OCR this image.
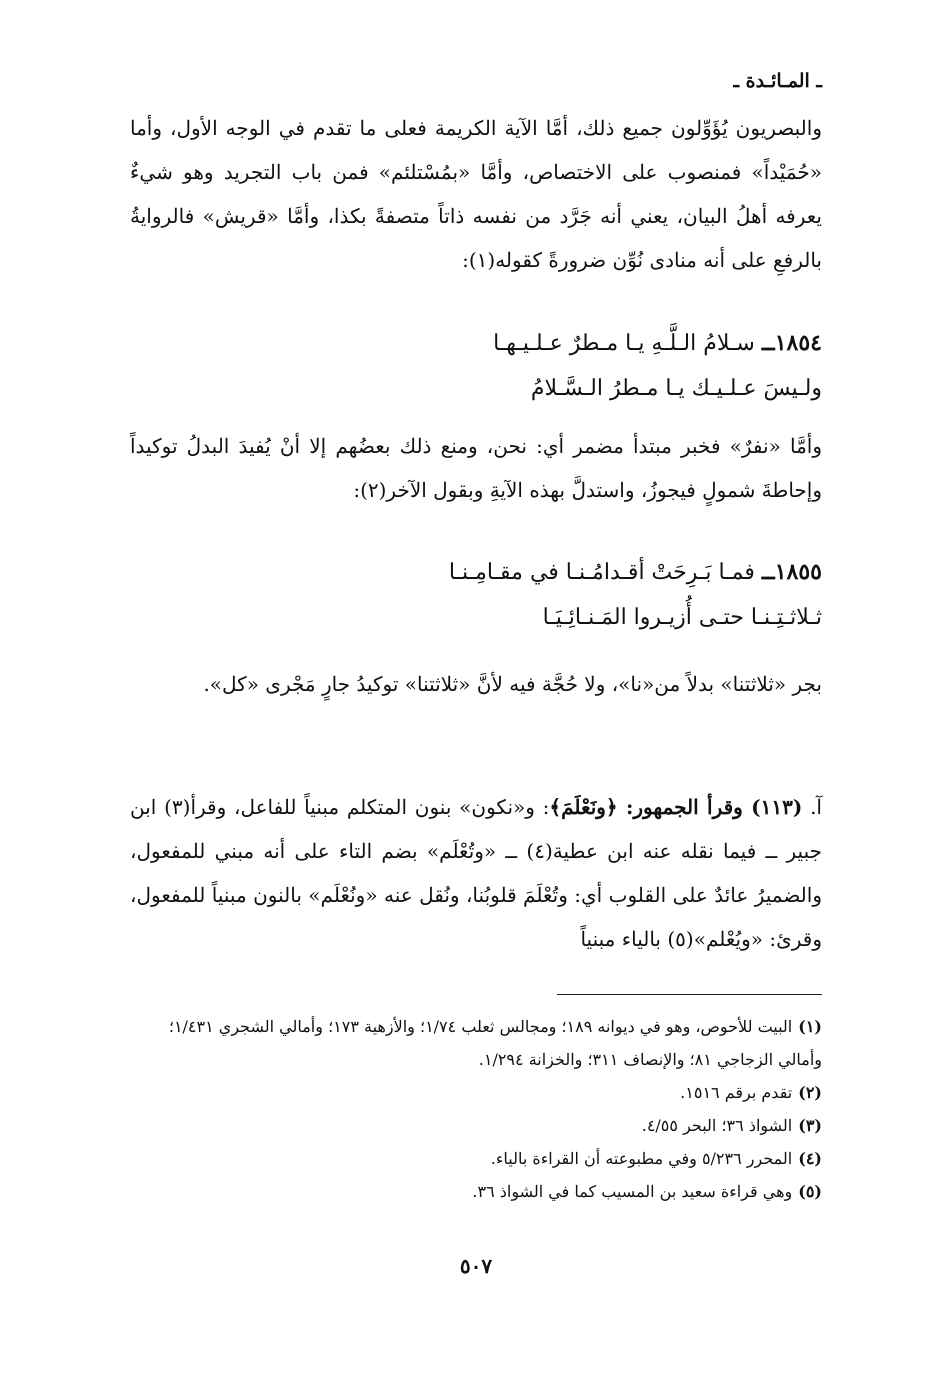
ـ المـائـدة ـ
والبصريون يُؤَوِّلون جميع ذلك، أمَّا الآية الكريمة فعلى ما تقدم في الوجه الأول، وأما «حُمَيْداً» فمنصوب على الاختصاص، وأمَّا «بمُسْتلئم» فمن باب التجريد وهو شيءٌ يعرفه أهلُ البيان، يعني أنه جَرَّد من نفسه ذاتاً متصفةً بكذا، وأمَّا «قريش» فالروايةُ بالرفعِ على أنه منادى نُوِّن ضرورةً كقوله(١):
١٨٥٤ــ سـلامُ الـلَّـهِ يـا مـطرٌ عـلـيـهـا
ولـيسَ عـلـيـك يـا مـطرُ الـسَّـلامُ
وأمَّا «نفرٌ» فخبر مبتدأ مضمر أي: نحن، ومنع ذلك بعضُهم إلا أنْ يُفيدَ البدلُ توكيداً وإحاطةَ شمولٍ فيجوزُ، واستدلَّ بهذه الآيةِ وبقول الآخر(٢):
١٨٥٥ــ فمـا بَـرِحَتْ أقـدامُـنـا في مقـامِـنـا
ثـلاثـتِـنـا حتـى أُزيـروا المَـنـائِـيَـا
بجر «ثلاثتنا» بدلاً من«نا»، ولا حُجَّة فيه لأنَّ «ثلاثتنا» توكيدُ جارٍ مَجْرى «كل».
آ. (١١٣) وقرأ الجمهور: ﴿ونَعْلَمَ﴾: و«نكون» بنون المتكلم مبنياً للفاعل، وقرأ(٣) ابن جبير ــ فيما نقله عنه ابن عطية(٤) ــ «وتُعْلَم» بضم التاء على أنه مبني للمفعول، والضميرُ عائدٌ على القلوب أي: وتُعْلَمَ قلوبُنا، ونُقل عنه «ونُعْلَم» بالنون مبنياً للمفعول، وقرئ: «ويُعْلم»(٥) بالياء مبنياً
(١)البيت للأحوص، وهو في ديوانه ١٨٩؛ ومجالس ثعلب ١/٧٤؛ والأزهية ١٧٣؛ وأمالي الشجري ١/٤٣١؛ وأمالي الزجاجي ٨١؛ والإنصاف ٣١١؛ والخزانة ١/٢٩٤.
(٢)تقدم برقم ١٥١٦.
(٣)الشواذ ٣٦؛ البحر ٤/٥٥.
(٤)المحرر ٥/٢٣٦ وفي مطبوعته أن القراءة بالياء.
(٥)وهي قراءة سعيد بن المسيب كما في الشواذ ٣٦.
٥٠٧
